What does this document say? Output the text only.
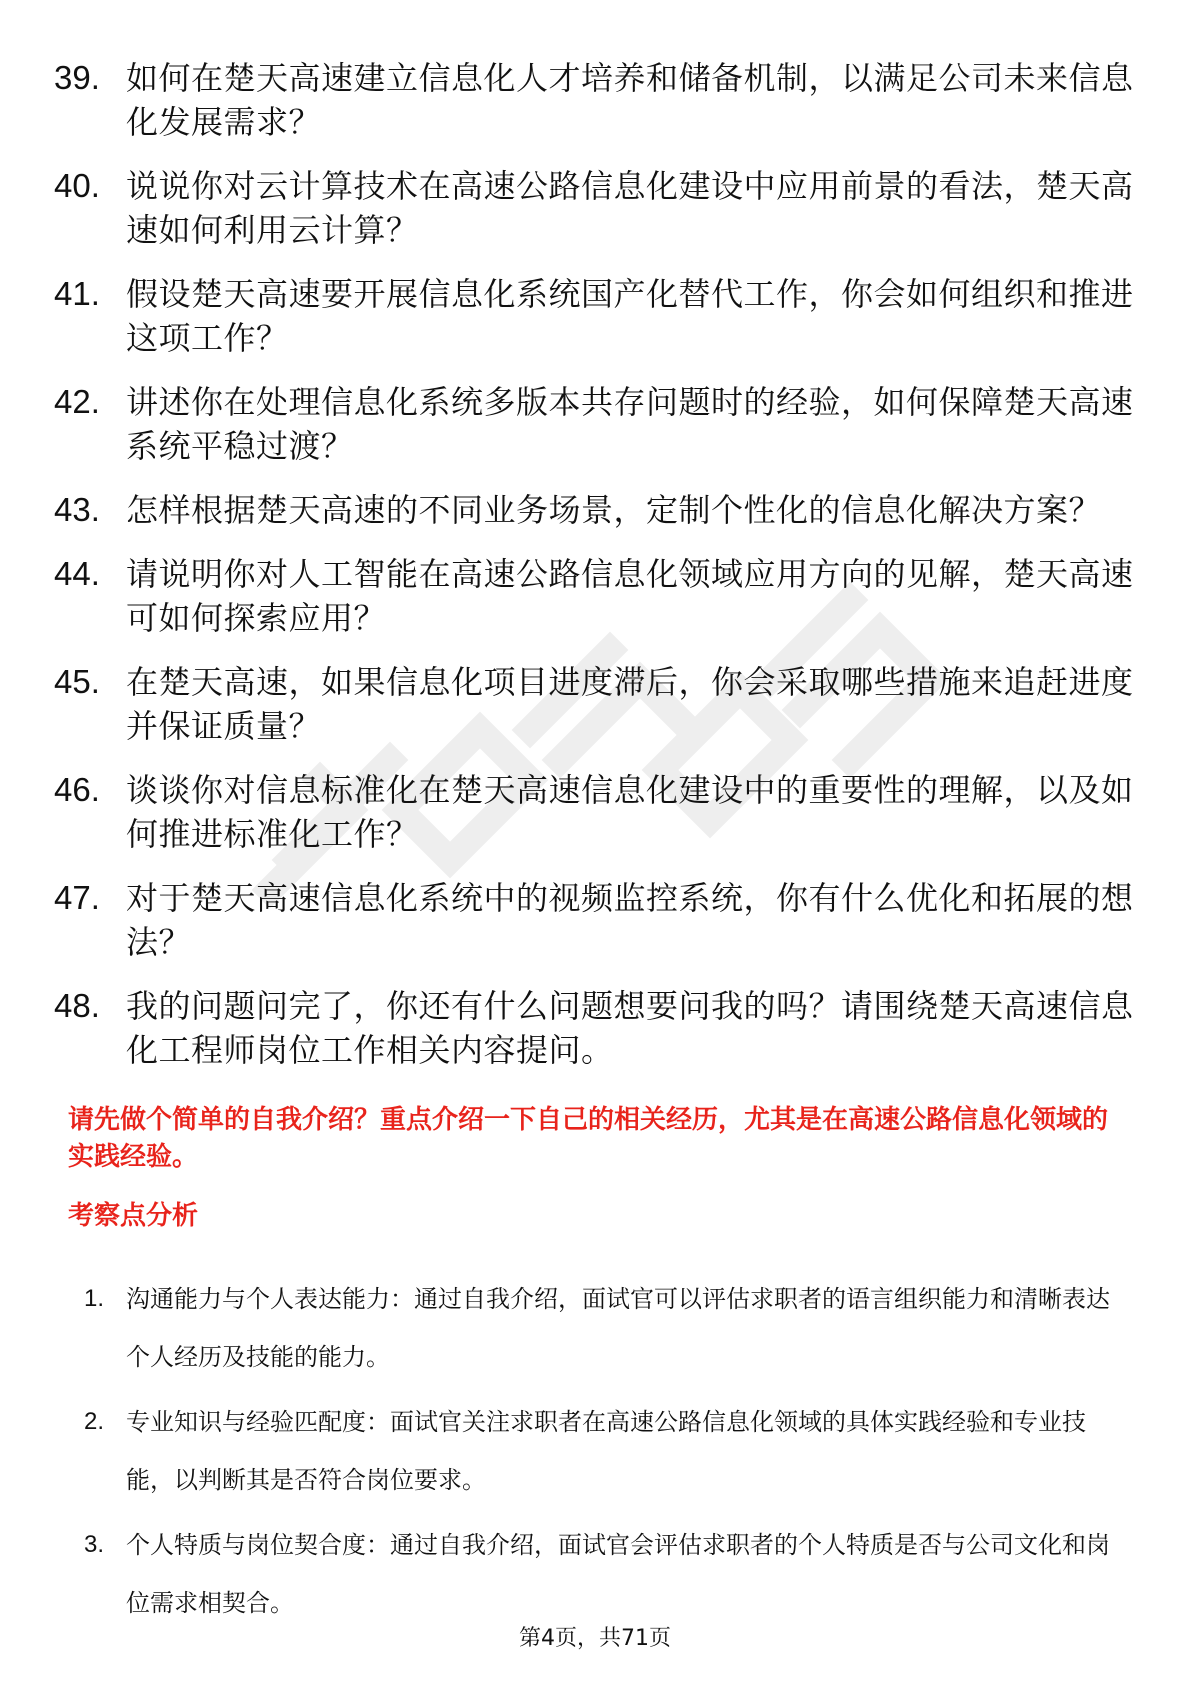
39. 如何在楚天高速建立信息化人才培养和储备机制，以满足公司未来信息化发展需求？
40. 说说你对云计算技术在高速公路信息化建设中应用前景的看法，楚天高速如何利用云计算？
41. 假设楚天高速要开展信息化系统国产化替代工作，你会如何组织和推进这项工作？
42. 讲述你在处理信息化系统多版本共存问题时的经验，如何保障楚天高速系统平稳过渡？
43. 怎样根据楚天高速的不同业务场景，定制个性化的信息化解决方案？
44. 请说明你对人工智能在高速公路信息化领域应用方向的见解，楚天高速可如何探索应用？
45. 在楚天高速，如果信息化项目进度滞后，你会采取哪些措施来追赶进度并保证质量？
46. 谈谈你对信息标准化在楚天高速信息化建设中的重要性的理解，以及如何推进标准化工作？
47. 对于楚天高速信息化系统中的视频监控系统，你有什么优化和拓展的想法？
48. 我的问题问完了，你还有什么问题想要问我的吗？请围绕楚天高速信息化工程师岗位工作相关内容提问。
请先做个简单的自我介绍？重点介绍一下自己的相关经历，尤其是在高速公路信息化领域的实践经验。
考察点分析
1. 沟通能力与个人表达能力：通过自我介绍，面试官可以评估求职者的语言组织能力和清晰表达个人经历及技能的能力。
2. 专业知识与经验匹配度：面试官关注求职者在高速公路信息化领域的具体实践经验和专业技能，以判断其是否符合岗位要求。
3. 个人特质与岗位契合度：通过自我介绍，面试官会评估求职者的个人特质是否与公司文化和岗位需求相契合。
第4页，共71页
